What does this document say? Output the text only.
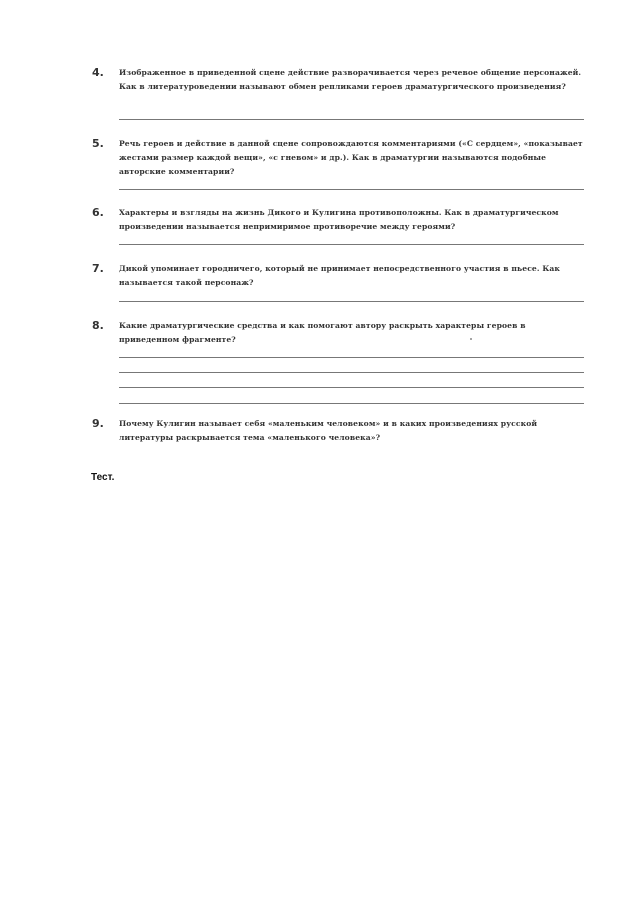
4. Изображенное в приведенной сцене действие разворачивается через речевое общение персонажей. Как в литературоведении называют обмен репликами героев драматургического произведения?
5. Речь героев и действие в данной сцене сопровождаются комментариями («С сердцем», «показывает жестами размер каждой вещи», «с гневом» и др.). Как в драматургии называются подобные авторские комментарии?
6. Характеры и взгляды на жизнь Дикого и Кулигина противоположны. Как в драматургическом произведении называется непримиримое противоречие между героями?
7. Дикой упоминает городничего, который не принимает непосредственного участия в пьесе. Как называется такой персонаж?
8. Какие драматургические средства и как помогают автору раскрыть характеры героев в приведенном фрагменте?
9. Почему Кулигин называет себя «маленьким человеком» и в каких произведениях русской литературы раскрывается тема «маленького человека»?
Тест.
